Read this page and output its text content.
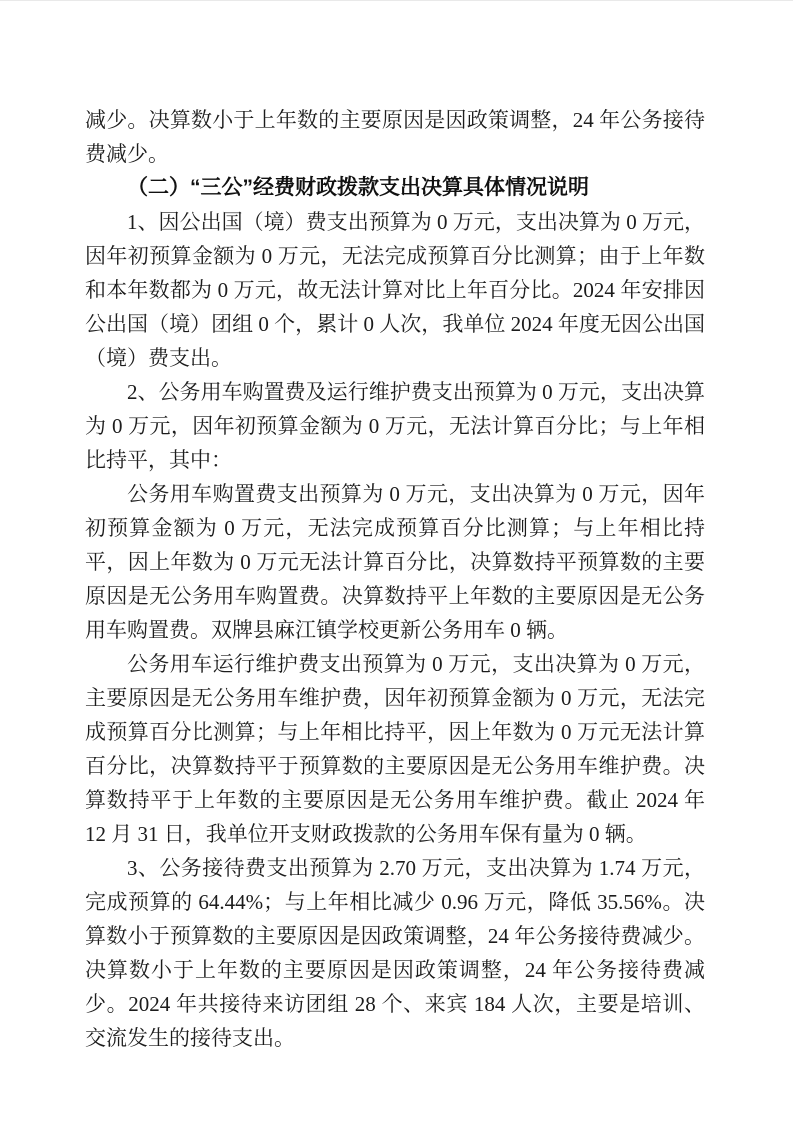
减少。决算数小于上年数的主要原因是因政策调整，24 年公务接待费减少。

（二）“三公”经费财政拨款支出决算具体情况说明

1、因公出国（境）费支出预算为 0 万元，支出决算为 0 万元，因年初预算金额为 0 万元，无法完成预算百分比测算；由于上年数和本年数都为 0 万元，故无法计算对比上年百分比。2024 年安排因公出国（境）团组 0 个，累计 0 人次，我单位 2024 年度无因公出国（境）费支出。

2、公务用车购置费及运行维护费支出预算为 0 万元，支出决算为 0 万元，因年初预算金额为 0 万元，无法计算百分比；与上年相比持平，其中：

公务用车购置费支出预算为 0 万元，支出决算为 0 万元，因年初预算金额为 0 万元，无法完成预算百分比测算；与上年相比持平，因上年数为 0 万元无法计算百分比，决算数持平预算数的主要原因是无公务用车购置费。决算数持平上年数的主要原因是无公务用车购置费。双牌县麻江镇学校更新公务用车 0 辆。

公务用车运行维护费支出预算为 0 万元，支出决算为 0 万元，主要原因是无公务用车维护费，因年初预算金额为 0 万元，无法完成预算百分比测算；与上年相比持平，因上年数为 0 万元无法计算百分比，决算数持平于预算数的主要原因是无公务用车维护费。决算数持平于上年数的主要原因是无公务用车维护费。截止 2024 年 12 月 31 日，我单位开支财政拨款的公务用车保有量为 0 辆。

3、公务接待费支出预算为 2.70 万元，支出决算为 1.74 万元，完成预算的 64.44%；与上年相比减少 0.96 万元，降低 35.56%。决算数小于预算数的主要原因是因政策调整，24 年公务接待费减少。决算数小于上年数的主要原因是因政策调整，24 年公务接待费减少。2024 年共接待来访团组 28 个、来宾 184 人次，主要是培训、交流发生的接待支出。
